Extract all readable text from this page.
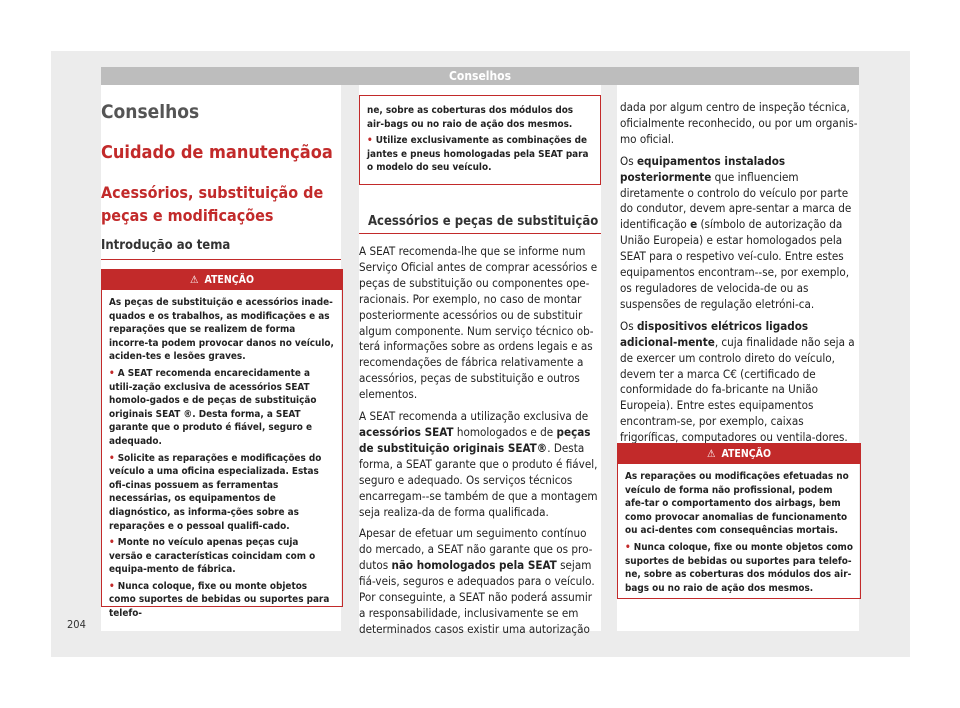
Conselhos
Conselhos
Cuidado de manutençãoa
Acessórios, substituição de peças e modificações
Introdução ao tema
⚠ ATENÇÃO

As peças de substituição e acessórios inade-quados e os trabalhos, as modificações e as reparações que se realizem de forma incorre-ta podem provocar danos no veículo, aciden-tes e lesões graves.

• A SEAT recomenda encarecidamente a utili-zação exclusiva de acessórios SEAT homolo-gados e de peças de substituição originais SEAT ®. Desta forma, a SEAT garante que o produto é fiável, seguro e adequado.

• Solicite as reparações e modificações do veículo a uma oficina especializada. Estas ofi-cinas possuem as ferramentas necessárias, os equipamentos de diagnóstico, as informa-ções sobre as reparações e o pessoal qualifi-cado.

• Monte no veículo apenas peças cuja versão e características coincidam com o equipa-mento de fábrica.

• Nunca coloque, fixe ou monte objetos como suportes de bebidas ou suportes para telefo-

ne, sobre as coberturas dos módulos dos air-bags ou no raio de ação dos mesmos.

• Utilize exclusivamente as combinações de jantes e pneus homologadas pela SEAT para o modelo do seu veículo.

Acessórios e peças de substituição

A SEAT recomenda-lhe que se informe num Serviço Oficial antes de comprar acessórios e peças de substituição ou componentes ope-racionais. Por exemplo, no caso de montar posteriormente acessórios ou de substituir algum componente. Num serviço técnico ob-terá informações sobre as ordens legais e as recomendações de fábrica relativamente a acessórios, peças de substituição e outros elementos.

A SEAT recomenda a utilização exclusiva de acessórios SEAT homologados e de peças de substituição originais SEAT®. Desta forma, a SEAT garante que o produto é fiável, seguro e adequado. Os serviços técnicos encarregam--se também de que a montagem seja realiza-da de forma qualificada.

Apesar de efetuar um seguimento contínuo do mercado, a SEAT não garante que os pro-dutos não homologados pela SEAT sejam fiá-veis, seguros e adequados para o veículo. Por conseguinte, a SEAT não poderá assumir a responsabilidade, inclusivamente se em determinados casos existir uma autorização

dada por algum centro de inspeção técnica, oficialmente reconhecido, ou por um organis-mo oficial.

Os equipamentos instalados posteriormente que influenciem diretamente o controlo do veículo por parte do condutor, devem apre-sentar a marca de identificação e (símbolo de autorização da União Europeia) e estar homologados pela SEAT para o respetivo veí-culo. Entre estes equipamentos encontram--se, por exemplo, os reguladores de velocida-de ou as suspensões de regulação eletróni-ca.

Os dispositivos elétricos ligados adicional-mente, cuja finalidade não seja a de exercer um controlo direto do veículo, devem ter a marca C€ (certificado de conformidade do fa-bricante na União Europeia). Entre estes equipamentos encontram-se, por exemplo, caixas frigoríficas, computadores ou ventila-dores.

⚠ ATENÇÃO

As reparações ou modificações efetuadas no veículo de forma não profissional, podem afe-tar o comportamento dos airbags, bem como provocar anomalias de funcionamento ou aci-dentes com consequências mortais.

• Nunca coloque, fixe ou monte objetos como suportes de bebidas ou suportes para telefo-ne, sobre as coberturas dos módulos dos air-bags ou no raio de ação dos mesmos.

204
